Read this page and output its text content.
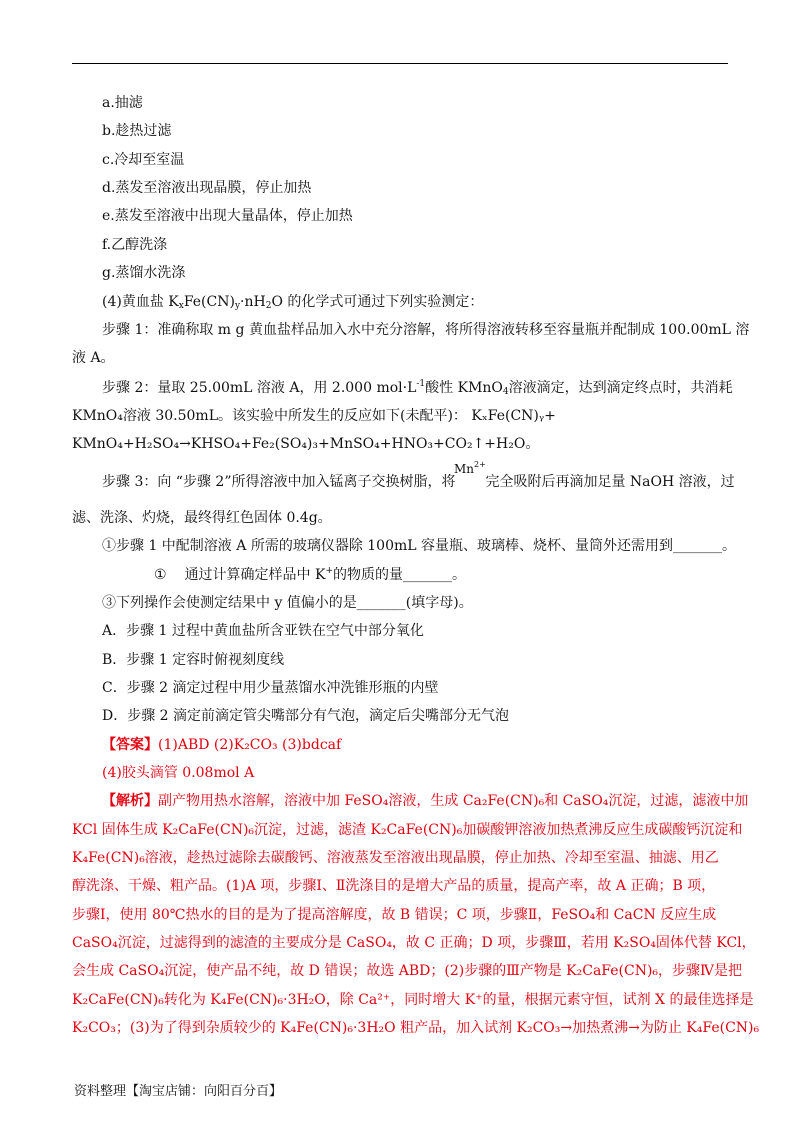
a.抽滤
b.趁热过滤
c.冷却至室温
d.蒸发至溶液出现晶膜，停止加热
e.蒸发至溶液中出现大量晶体，停止加热
f.乙醇洗涤
g.蒸馏水洗涤
(4)黄血盐 $K_xFe(CN)_y\cdot nH_2O$ 的化学式可通过下列实验测定：
步骤 1：准确称取 m g 黄血盐样品加入水中充分溶解，将所得溶液转移至容量瓶并配制成 100.00mL 溶
液 A。
步骤 2：量取 25.00mL 溶液 A，用 2.000 $mol\cdot L^{-1}$酸性 KMnO$_4$溶液滴定，达到滴定终点时，共消耗
KMnO₄溶液 30.50mL。该实验中所发生的反应如下(未配平)： KₓFe(CN)ᵧ+
KMnO₄+H₂SO₄→KHSO₄+Fe₂(SO₄)₃+MnSO₄+HNO₃+CO₂↑+H₂O。
$Mn^{2+}$
步骤 3：向 “步骤 2”所得溶液中加入锰离子交换树脂，将 完全吸附后再滴加足量 NaOH 溶液，过
滤、洗涤、灼烧，最终得红色固体 0.4g。
①步骤 1 中配制溶液 A 所需的玻璃仪器除 100mL 容量瓶、玻璃棒、烧杯、量筒外还需用到_______。
① 通过计算确定样品中 K+的物质的量_______。
③下列操作会使测定结果中 y 值偏小的是_______(填字母)。
A．步骤 1 过程中黄血盐所含亚铁在空气中部分氧化
B．步骤 1 定容时俯视刻度线
C．步骤 2 滴定过程中用少量蒸馏水冲洗锥形瓶的内壁
D．步骤 2 滴定前滴定管尖嘴部分有气泡，滴定后尖嘴部分无气泡
【答案】(1)ABD (2)K₂CO₃ (3)bdcaf
(4)胶头滴管 0.08mol A
【解析】副产物用热水溶解，溶液中加 FeSO₄溶液，生成 Ca₂Fe(CN)₆和 CaSO₄沉淀，过滤，滤液中加
KCl 固体生成 K₂CaFe(CN)₆沉淀，过滤，滤渣 K₂CaFe(CN)₆加碳酸钾溶液加热煮沸反应生成碳酸钙沉淀和
K₄Fe(CN)₆溶液，趁热过滤除去碳酸钙、溶液蒸发至溶液出现晶膜，停止加热、冷却至室温、抽滤、用乙
醇洗涤、干燥、粗产品。(1)A 项，步骤Ⅰ、Ⅱ洗涤目的是增大产品的质量，提高产率，故 A 正确；B 项，
步骤Ⅰ，使用 80℃热水的目的是为了提高溶解度，故 B 错误；C 项，步骤Ⅱ，FeSO₄和 CaCN 反应生成
CaSO₄沉淀，过滤得到的滤渣的主要成分是 CaSO₄，故 C 正确；D 项，步骤Ⅲ，若用 K₂SO₄固体代替 KCl，
会生成 CaSO₄沉淀，使产品不纯，故 D 错误；故选 ABD；(2)步骤的Ⅲ产物是 K₂CaFe(CN)₆，步骤Ⅳ是把
K₂CaFe(CN)₆转化为 K₄Fe(CN)₆·3H₂O，除 Ca²⁺，同时增大 K⁺的量，根据元素守恒，试剂 X 的最佳选择是
K₂CO₃；(3)为了得到杂质较少的 K₄Fe(CN)₆·3H₂O 粗产品，加入试剂 K₂CO₃→加热煮沸→为防止 K₄Fe(CN)₆
资料整理【淘宝店铺：向阳百分百】
